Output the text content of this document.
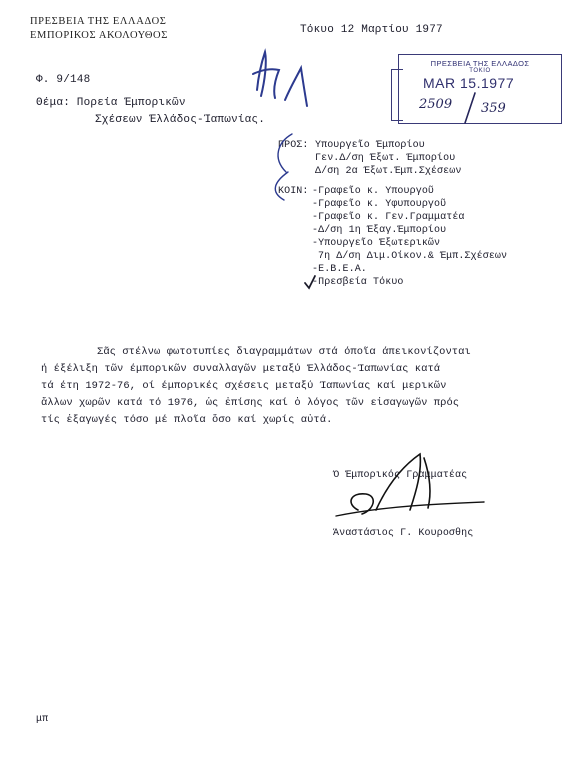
ΠΡΕΣΒΕΙΑ ΤΗΣ ΕΛΛΑΔΟΣ
ΕΜΠΟΡΙΚΟΣ ΑΚΟΛΟΥΘΟΣ	Τόκυο 12 Μαρτίου 1977
Φ. 9/148
Θέμα: Πορεία Έμπορικῶν
Σχέσεων Έλλάδος-Ίαπωνίας.
ΠΡΕΣΒΕΙΑ ΤΗΣ ΕΛΛΑΔΟΣ
ΤΟΚΙΟ
MAR 15.1977
2509 359
ΠΡΟΣ: Υπουργεῖο Έμπορίου
Γεν.Δ/ση Έξωτ. Έμπορίου
Δ/ση 2α Έξωτ.Έμπ.Σχέσεων
ΚΟΙΝ: -Γραφεῖο κ. Υπουργοῦ
-Γραφεῖο κ. Υφυπουργοῦ
-Γραφεῖο κ. Γεν.Γραμματέα
-Δ/ση 1η Έξαγ.Έμπορίου
-Υπουργεῖο Έξωτερικῶν
7η Δ/ση Διμ.Οίκον.& Έμπ.Σχέσεων
-Ε.Β.Ε.Α.
-Πρεσβεία Τόκυο
Σᾶς στέλνω φωτοτυπίες διαγραμμάτων στά όποῖα άπεικονίζονται
ή έξέλιξη τῶν έμπορικῶν συναλλαγῶν μεταξύ Έλλάδος-Ίαπωνίας κατά
τά έτη 1972-76, οί έμπορικές σχέσεις μεταξύ Ίαπωνίας καί μερικῶν
ἄλλων χωρῶν κατά τό 1976, ὡς ἐπίσης καί ὁ λόγος τῶν εἰσαγωγῶν πρός
τίς ἐξαγωγές τόσο μέ πλοῖα ὅσο καί χωρίς αὐτά.
Ό Έμπορικός Γραμματέας
Άναστάσιος Γ. Κουροσθης
μπ
